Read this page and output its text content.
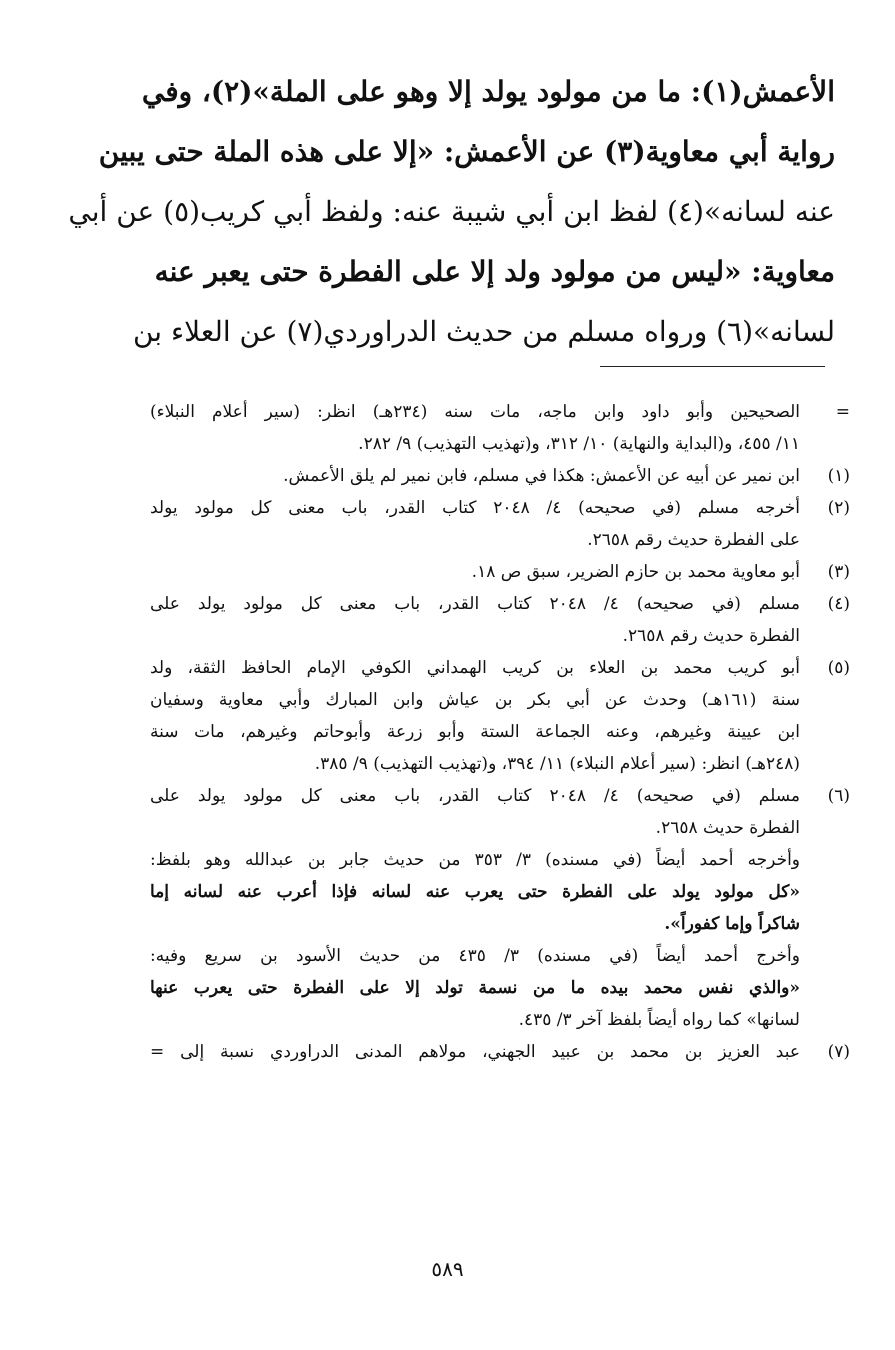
الأعمش(١): ما من مولود يولد إلا وهو على الملة»(٢)، وفي
رواية أبي معاوية(٣) عن الأعمش: «إلا على هذه الملة حتى يبين
عنه لسانه»(٤) لفظ ابن أبي شيبة عنه: ولفظ أبي كريب(٥) عن أبي
معاوية: «ليس من مولود ولد إلا على الفطرة حتى يعبر عنه
لسانه»(٦) ورواه مسلم من حديث الدراوردي(٧) عن العلاء بن
=
الصحيحين وأبو داود وابن ماجه، مات سنه (٢٣٤هـ) انظر: (سير أعلام النبلاء)
١١/ ٤٥٥، و(البداية والنهاية) ١٠/ ٣١٢، و(تهذيب التهذيب) ٩/ ٢٨٢.
(١)
ابن نمير عن أبيه عن الأعمش: هكذا في مسلم، فابن نمير لم يلق الأعمش.
(٢)
أخرجه مسلم (في صحيحه) ٤/ ٢٠٤٨ كتاب القدر، باب معنى كل مولود يولد
على الفطرة حديث رقم ٢٦٥٨.
(٣)
أبو معاوية محمد بن حازم الضرير، سبق ص ١٨.
(٤)
مسلم (في صحيحه) ٤/ ٢٠٤٨ كتاب القدر، باب معنى كل مولود يولد على
الفطرة حديث رقم ٢٦٥٨.
(٥)
أبو كريب محمد بن العلاء بن كريب الهمداني الكوفي الإمام الحافظ الثقة، ولد
سنة (١٦١هـ) وحدث عن أبي بكر بن عياش وابن المبارك وأبي معاوية وسفيان
ابن عيينة وغيرهم، وعنه الجماعة الستة وأبو زرعة وأبوحاتم وغيرهم، مات سنة
(٢٤٨هـ) انظر: (سير أعلام النبلاء) ١١/ ٣٩٤، و(تهذيب التهذيب) ٩/ ٣٨٥.
(٦)
مسلم (في صحيحه) ٤/ ٢٠٤٨ كتاب القدر، باب معنى كل مولود يولد على
الفطرة حديث ٢٦٥٨.
وأخرجه أحمد أيضاً (في مسنده) ٣/ ٣٥٣ من حديث جابر بن عبدالله وهو بلفظ:
«كل مولود يولد على الفطرة حتى يعرب عنه لسانه فإذا أعرب عنه لسانه إما
شاكراً وإما كفوراً».
وأخرج أحمد أيضاً (في مسنده) ٣/ ٤٣٥ من حديث الأسود بن سريع وفيه:
«والذي نفس محمد بيده ما من نسمة تولد إلا على الفطرة حتى يعرب عنها
لسانها» كما رواه أيضاً بلفظ آخر ٣/ ٤٣٥.
(٧)
عبد العزيز بن محمد بن عبيد الجهني، مولاهم المدنى الدراوردي نسبة إلى =
٥٨٩
